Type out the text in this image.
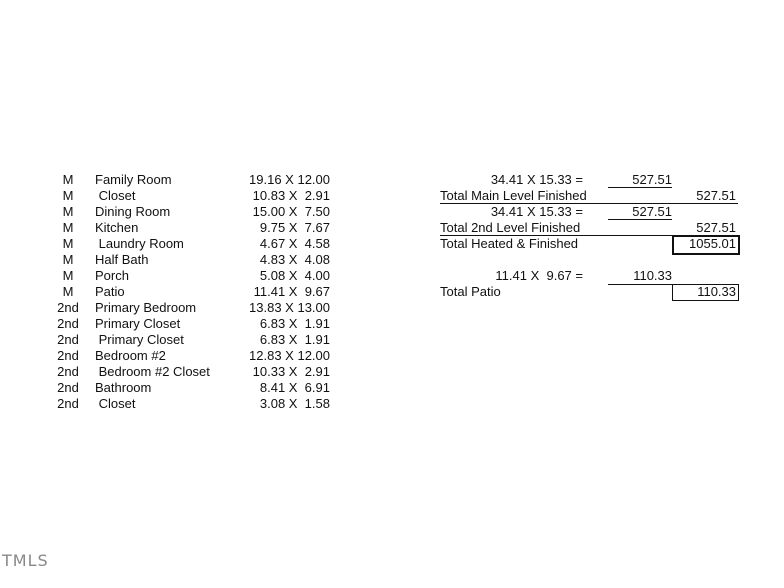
M	Family Room	19.16 X 12.00
M	Closet	10.83 X  2.91
M	Dining Room	15.00 X  7.50
M	Kitchen	9.75 X  7.67
M	Laundry Room	4.67 X  4.58
M	Half Bath	4.83 X  4.08
M	Porch	5.08 X  4.00
M	Patio	11.41 X  9.67
2nd Primary Bedroom	13.83 X 13.00
2nd Primary Closet	6.83 X  1.91
2nd Primary Closet	6.83 X  1.91
2nd Bedroom #2	12.83 X 12.00
2nd Bedroom #2 Closet	10.33 X  2.91
2nd Bathroom	8.41 X  6.91
2nd Closet	3.08 X  1.58
34.41 X 15.33 =	527.51
Total Main Level Finished	527.51
34.41 X 15.33 =	527.51
Total 2nd Level Finished	527.51
Total Heated & Finished	1055.01
11.41 X  9.67 =	110.33
Total Patio	110.33
TMLS
